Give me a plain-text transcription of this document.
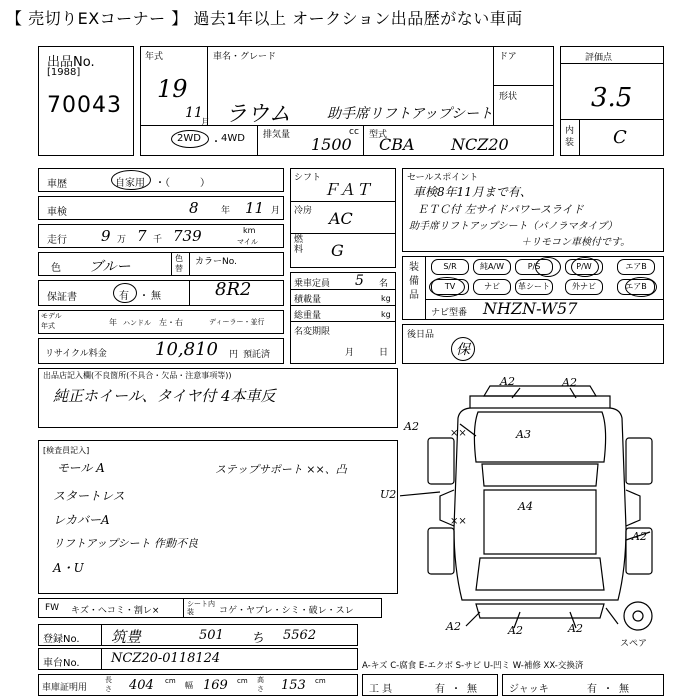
【 売切りEXコーナー 】 過去1年以上 オークション出品歴がない車両
出品No.
[1988]
70043
年式
19
11
月
車名・グレード
ラウム	助手席リフトアップシート
ドア
形状
2WD ・ 4WD 排気量	cc
1500 型式
CBA NCZ20
評価点
3.5
内装 C
車歴	自家用 ・（　　　）
車検	8 年 11 月
走行 9 万 7 千 739	km
マイル
色 ブルー
色替
カラーNo.
保証書	有 ・ 無	8R2
モデル
年式	年 ハンドル 左・右	ディーラー・並行
リサイクル料金	10,810 円 預託済
シフト
ＦＡＴ
冷房 AC
燃料 G
乗車定員 5 名
積載量	kg
総重量	kg
名変期限
月	日
セールスポイント
車検8年11月まで有、
ＥＴＣ付 左サイドパワースライド
助手席リフトアップシート（パノラマタイプ）
＋リモコン車検付です。
装備品
S/R	純A/W	P/S	P/W	エアB
TV	ナビ	革シート	外ナビ	エアB
ナビ型番 NHZN-W57
後日品
保
出品店記入欄(不良箇所(不具合・欠品・注意事項等))
純正ホイール、タイヤ付 4本車反
[検査員記入]
モール A
スタートレス
レカバーA
リフトアップシート 作動不良
A・U
ステップサポート ××、凸
A2	A2
A2
××	A3
U2
A4
××
A2
A2	A2	A2
スペア
FW キズ・ヘコミ・割レ×
シート内装	コゲ・ヤブレ・シミ・破レ・スレ
登録No. 筑豊	501 ち 5562
車台No. NCZ20-0118124	A-キズ C-腐食 E-エクボ S-サビ U-凹ミ W-補修 XX-交換済
車庫証明用
長さ 404 cm 幅 169 cm 高さ 153 cm
工 具	有 ・ 無	ジャッキ	有 ・ 無
